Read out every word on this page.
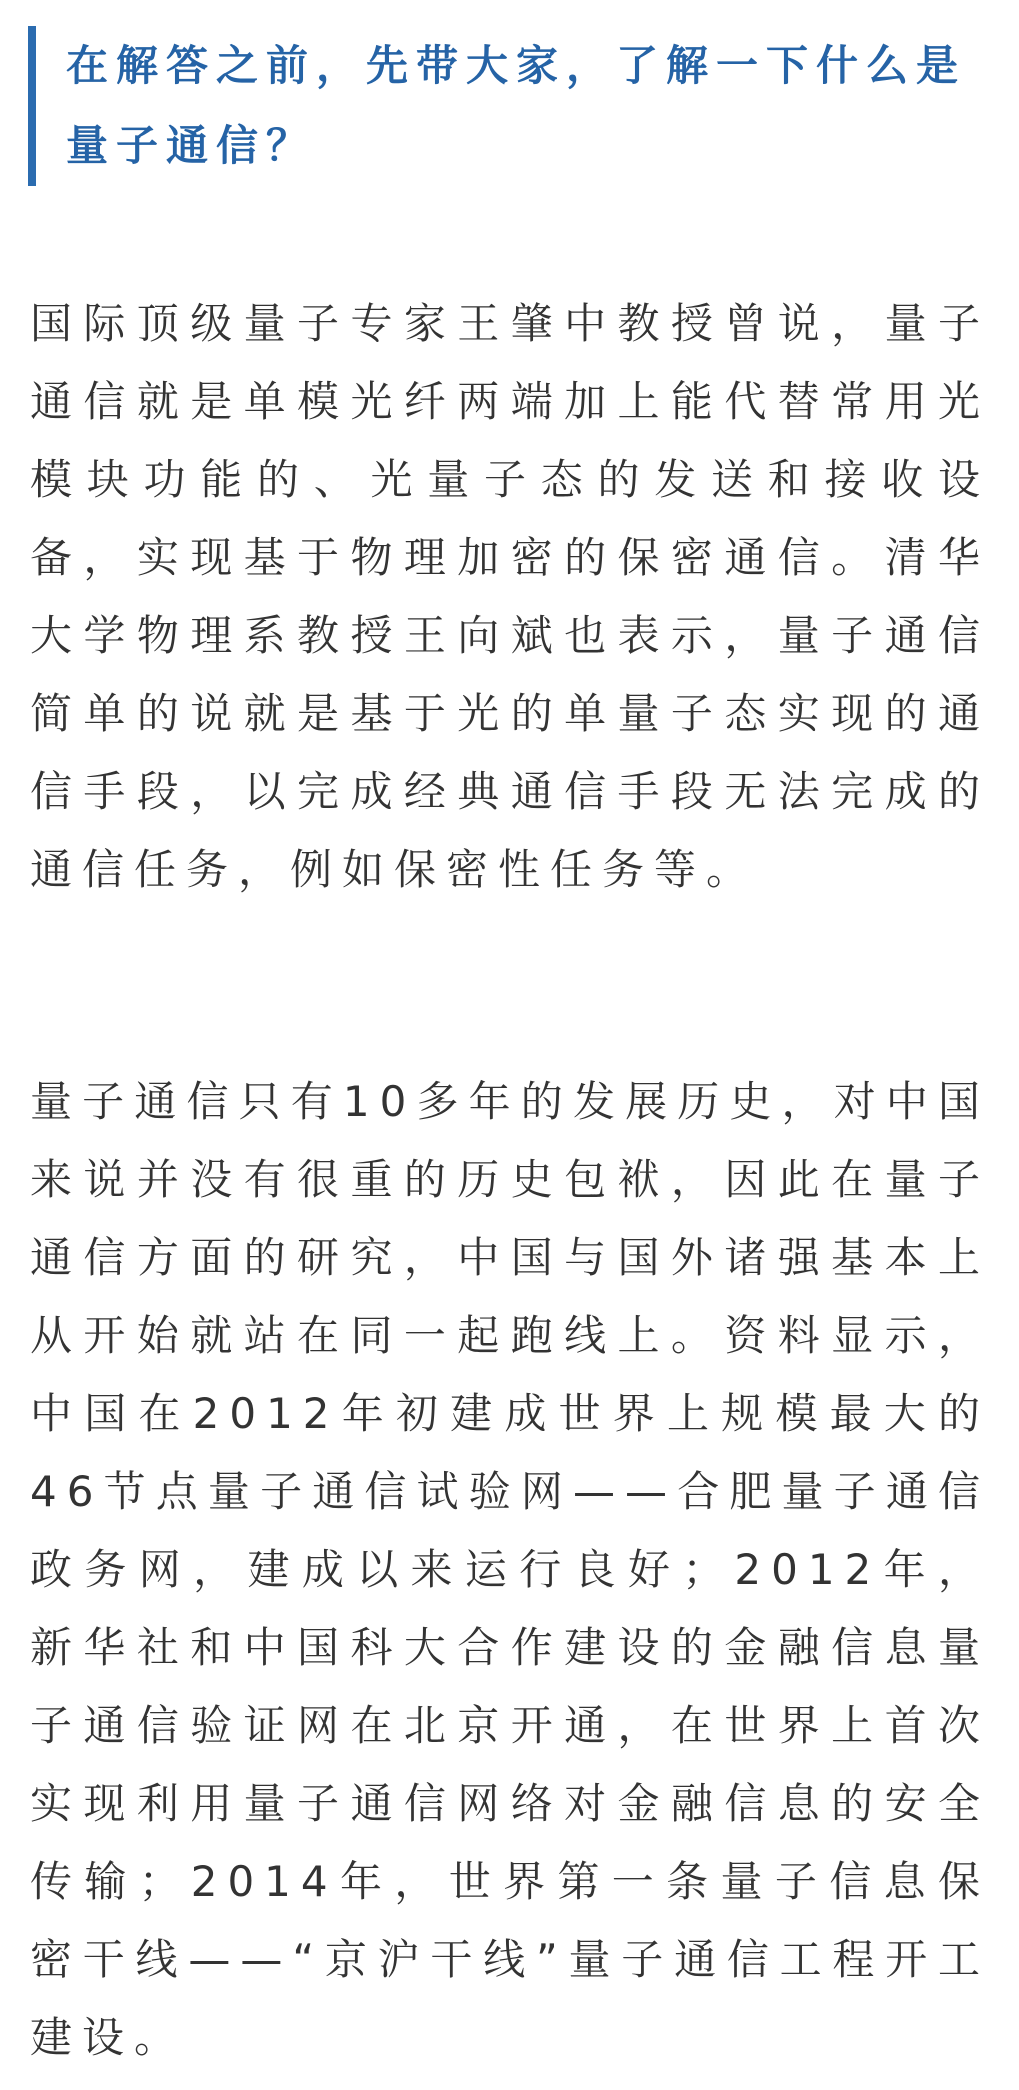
在解答之前，先带大家，了解一下什么是量子通信？
国际顶级量子专家王肇中教授曾说，量子通信就是单模光纤两端加上能代替常用光模块功能的、光量子态的发送和接收设备，实现基于物理加密的保密通信。清华大学物理系教授王向斌也表示，量子通信简单的说就是基于光的单量子态实现的通信手段，以完成经典通信手段无法完成的通信任务，例如保密性任务等。
量子通信只有10多年的发展历史，对中国来说并没有很重的历史包袱，因此在量子通信方面的研究，中国与国外诸强基本上从开始就站在同一起跑线上。资料显示，中国在2012年初建成世界上规模最大的46节点量子通信试验网——合肥量子通信政务网，建成以来运行良好；2012年，新华社和中国科大合作建设的金融信息量子通信验证网在北京开通，在世界上首次实现利用量子通信网络对金融信息的安全传输；2014年，世界第一条量子信息保密干线——“京沪干线”量子通信工程开工建设。
